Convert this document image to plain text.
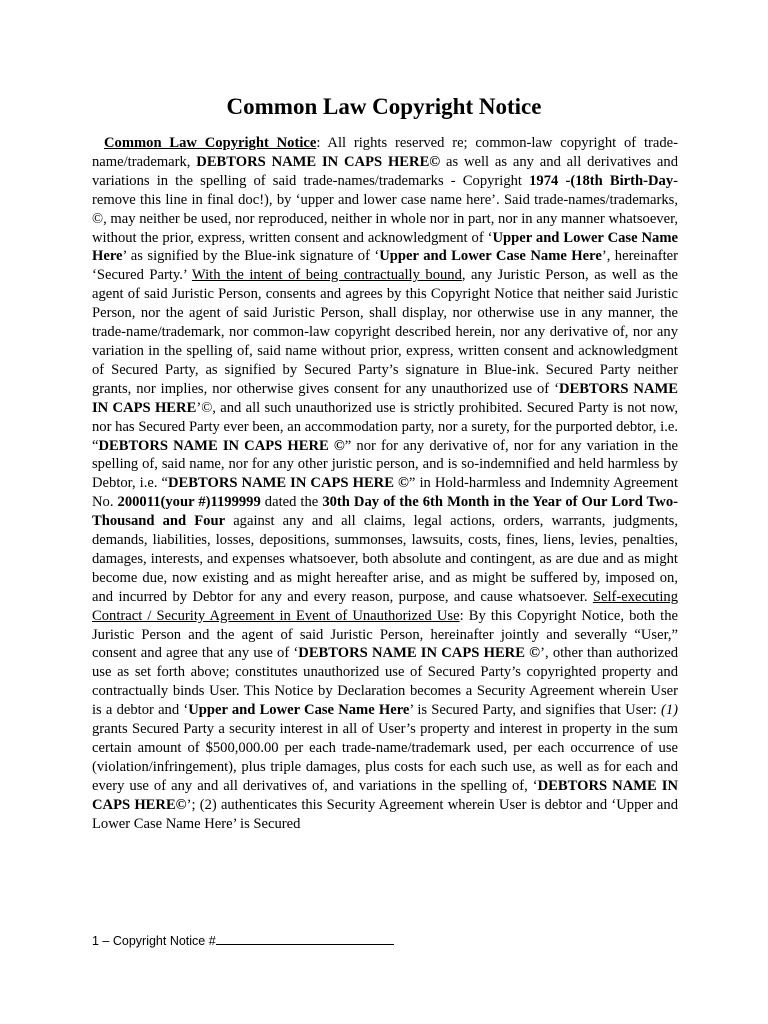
Common Law Copyright Notice

Common Law Copyright Notice: All rights reserved re; common-law copyright of trade-name/trademark, DEBTORS NAME IN CAPS HERE© as well as any and all derivatives and variations in the spelling of said trade-names/trademarks - Copyright 1974 -(18th Birth-Day-remove this line in final doc!), by ‘upper and lower case name here’. Said trade-names/trademarks, ©, may neither be used, nor reproduced, neither in whole nor in part, nor in any manner whatsoever, without the prior, express, written consent and acknowledgment of ‘Upper and Lower Case Name Here’ as signified by the Blue-ink signature of ‘Upper and Lower Case Name Here’, hereinafter ‘Secured Party.’ With the intent of being contractually bound, any Juristic Person, as well as the agent of said Juristic Person, consents and agrees by this Copyright Notice that neither said Juristic Person, nor the agent of said Juristic Person, shall display, nor otherwise use in any manner, the trade-name/trademark, nor common-law copyright described herein, nor any derivative of, nor any variation in the spelling of, said name without prior, express, written consent and acknowledgment of Secured Party, as signified by Secured Party’s signature in Blue-ink. Secured Party neither grants, nor implies, nor otherwise gives consent for any unauthorized use of ‘DEBTORS NAME IN CAPS HERE’©, and all such unauthorized use is strictly prohibited. Secured Party is not now, nor has Secured Party ever been, an accommodation party, nor a surety, for the purported debtor, i.e. “DEBTORS NAME IN CAPS HERE ©” nor for any derivative of, nor for any variation in the spelling of, said name, nor for any other juristic person, and is so-indemnified and held harmless by Debtor, i.e. “DEBTORS NAME IN CAPS HERE ©” in Hold-harmless and Indemnity Agreement No. 200011(your #)1199999 dated the 30th Day of the 6th Month in the Year of Our Lord Two-Thousand and Four against any and all claims, legal actions, orders, warrants, judgments, demands, liabilities, losses, depositions, summonses, lawsuits, costs, fines, liens, levies, penalties, damages, interests, and expenses whatsoever, both absolute and contingent, as are due and as might become due, now existing and as might hereafter arise, and as might be suffered by, imposed on, and incurred by Debtor for any and every reason, purpose, and cause whatsoever. Self-executing Contract / Security Agreement in Event of Unauthorized Use: By this Copyright Notice, both the Juristic Person and the agent of said Juristic Person, hereinafter jointly and severally “User,” consent and agree that any use of ‘DEBTORS NAME IN CAPS HERE ©’, other than authorized use as set forth above; constitutes unauthorized use of Secured Party’s copyrighted property and contractually binds User. This Notice by Declaration becomes a Security Agreement wherein User is a debtor and ‘Upper and Lower Case Name Here’ is Secured Party, and signifies that User: (1) grants Secured Party a security interest in all of User’s property and interest in property in the sum certain amount of $500,000.00 per each trade-name/trademark used, per each occurrence of use (violation/infringement), plus triple damages, plus costs for each such use, as well as for each and every use of any and all derivatives of, and variations in the spelling of, ‘DEBTORS NAME IN CAPS HERE©’; (2) authenticates this Security Agreement wherein User is debtor and ‘Upper and Lower Case Name Here’ is Secured

1 – Copyright Notice #
